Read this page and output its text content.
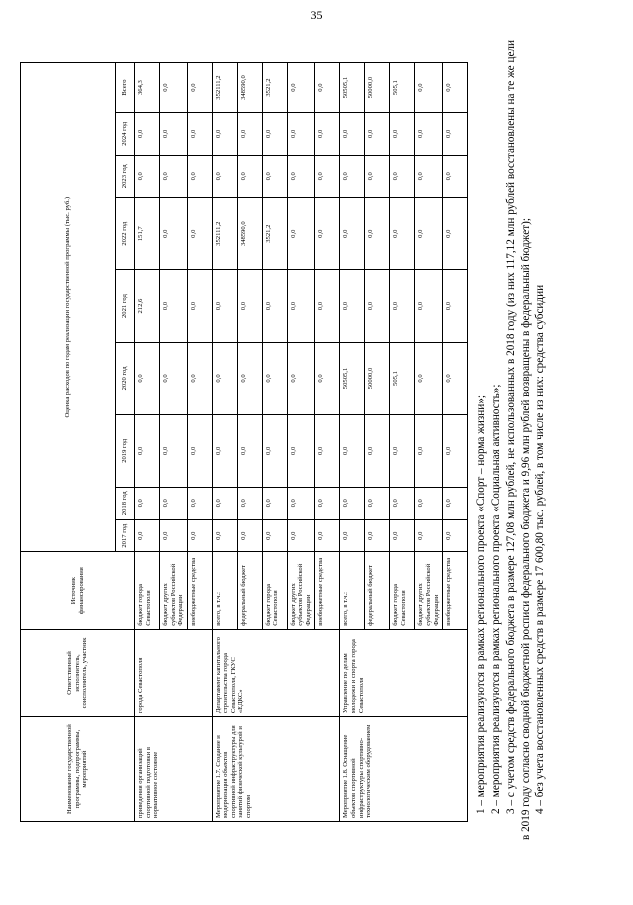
35
Наименование государственной программы, подпрограммы, мероприятий	Ответственный исполнитель, соисполнитель, участник	Источник финансирования	Оценка расходов по годам реализации государственной программы (тыс. руб.)								
			2017 год	2018 год	2019 год	2020 год	2021 год	2022 год	2023 год	2024 год	Всего
приведения организаций спортивной подготовки в нормативное состояние	города Севастополя	бюджет города Севастополя	0,0	0,0	0,0	0,0	212,6	151,7	0,0	0,0	364,3
		бюджет других субъектов Российской Федерации	0,0	0,0	0,0	0,0	0,0	0,0	0,0	0,0	0,0
		внебюджетные средства	0,0	0,0	0,0	0,0	0,0	0,0	0,0	0,0	0,0
Мероприятие 1.7. Создание и модернизация объектов спортивной инфраструктуры для занятий физической культурой и спортом	Департамент капитального строительства города Севастополя, ГКУС «ЕДКС»	всего, в т.ч.:	0,0	0,0	0,0	0,0	0,0	352111,2	0,0	0,0	352111,2
		федеральный бюджет	0,0	0,0	0,0	0,0	0,0	348590,0	0,0	0,0	348590,0
		бюджет города Севастополя	0,0	0,0	0,0	0,0	0,0	3521,2	0,0	0,0	3521,2
		бюджет других субъектов Российской Федерации	0,0	0,0	0,0	0,0	0,0	0,0	0,0	0,0	0,0
		внебюджетные средства	0,0	0,0	0,0	0,0	0,0	0,0	0,0	0,0	0,0
Мероприятие 1.8. Оснащение объектов спортивной инфраструктуры спортивно-технологическим оборудованием	Управление по делам молодежи и спорта города Севастополя	всего, в т.ч.:	0,0	0,0	0,0	50505,1	0,0	0,0	0,0	0,0	50505,1
		федеральный бюджет	0,0	0,0	0,0	50000,0	0,0	0,0	0,0	0,0	50000,0
		бюджет города Севастополя	0,0	0,0	0,0	505,1	0,0	0,0	0,0	0,0	505,1
		бюджет других субъектов Российской Федерации	0,0	0,0	0,0	0,0	0,0	0,0	0,0	0,0	0,0
		внебюджетные средства	0,0	0,0	0,0	0,0	0,0	0,0	0,0	0,0	0,0

1 – мероприятия реализуются в рамках регионального проекта «Спорт – норма жизни»; 2 – мероприятия реализуются в рамках регионального проекта «Социальная активность»; 3 – с учетом средств федерального бюджета в размере 127,08 млн рублей, не использованных в 2018 году (из них 117,12 млн рублей восстановлены на те же цели в 2019 году согласно сводной бюджетной росписи федерального бюджета и 9,96 млн рублей возвращены в федеральный бюджет); 4 – без учета восстановленных средств в размере 17 600,80 тыс. рублей, в том числе из них: средства субсидии
